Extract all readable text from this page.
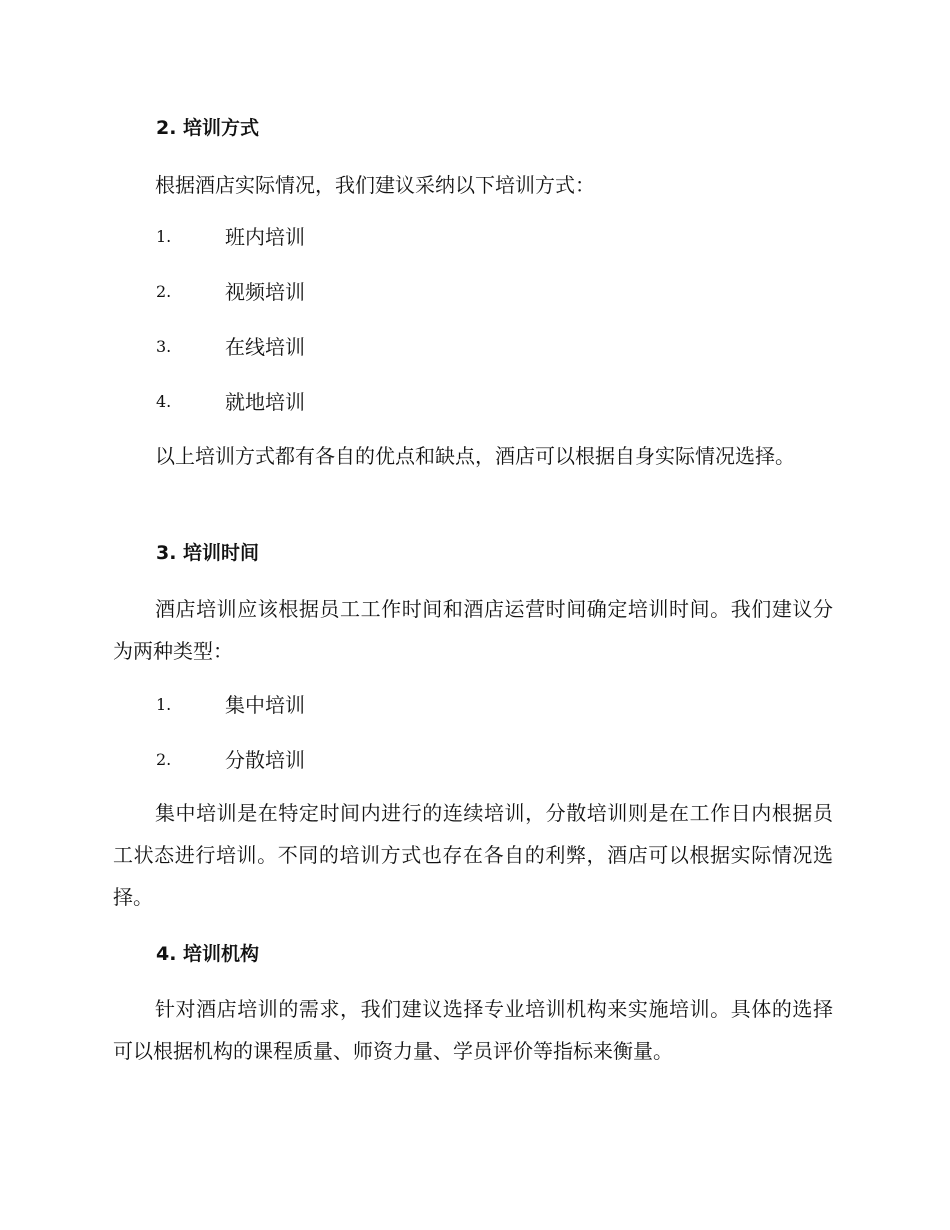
2. 培训方式
根据酒店实际情况，我们建议采纳以下培训方式：
1.	班内培训
2.	视频培训
3.	在线培训
4.	就地培训
以上培训方式都有各自的优点和缺点，酒店可以根据自身实际情况选择。
3. 培训时间
酒店培训应该根据员工工作时间和酒店运营时间确定培训时间。我们建议分为两种类型：
1.	集中培训
2.	分散培训
集中培训是在特定时间内进行的连续培训，分散培训则是在工作日内根据员工状态进行培训。不同的培训方式也存在各自的利弊，酒店可以根据实际情况选择。
4. 培训机构
针对酒店培训的需求，我们建议选择专业培训机构来实施培训。具体的选择可以根据机构的课程质量、师资力量、学员评价等指标来衡量。
